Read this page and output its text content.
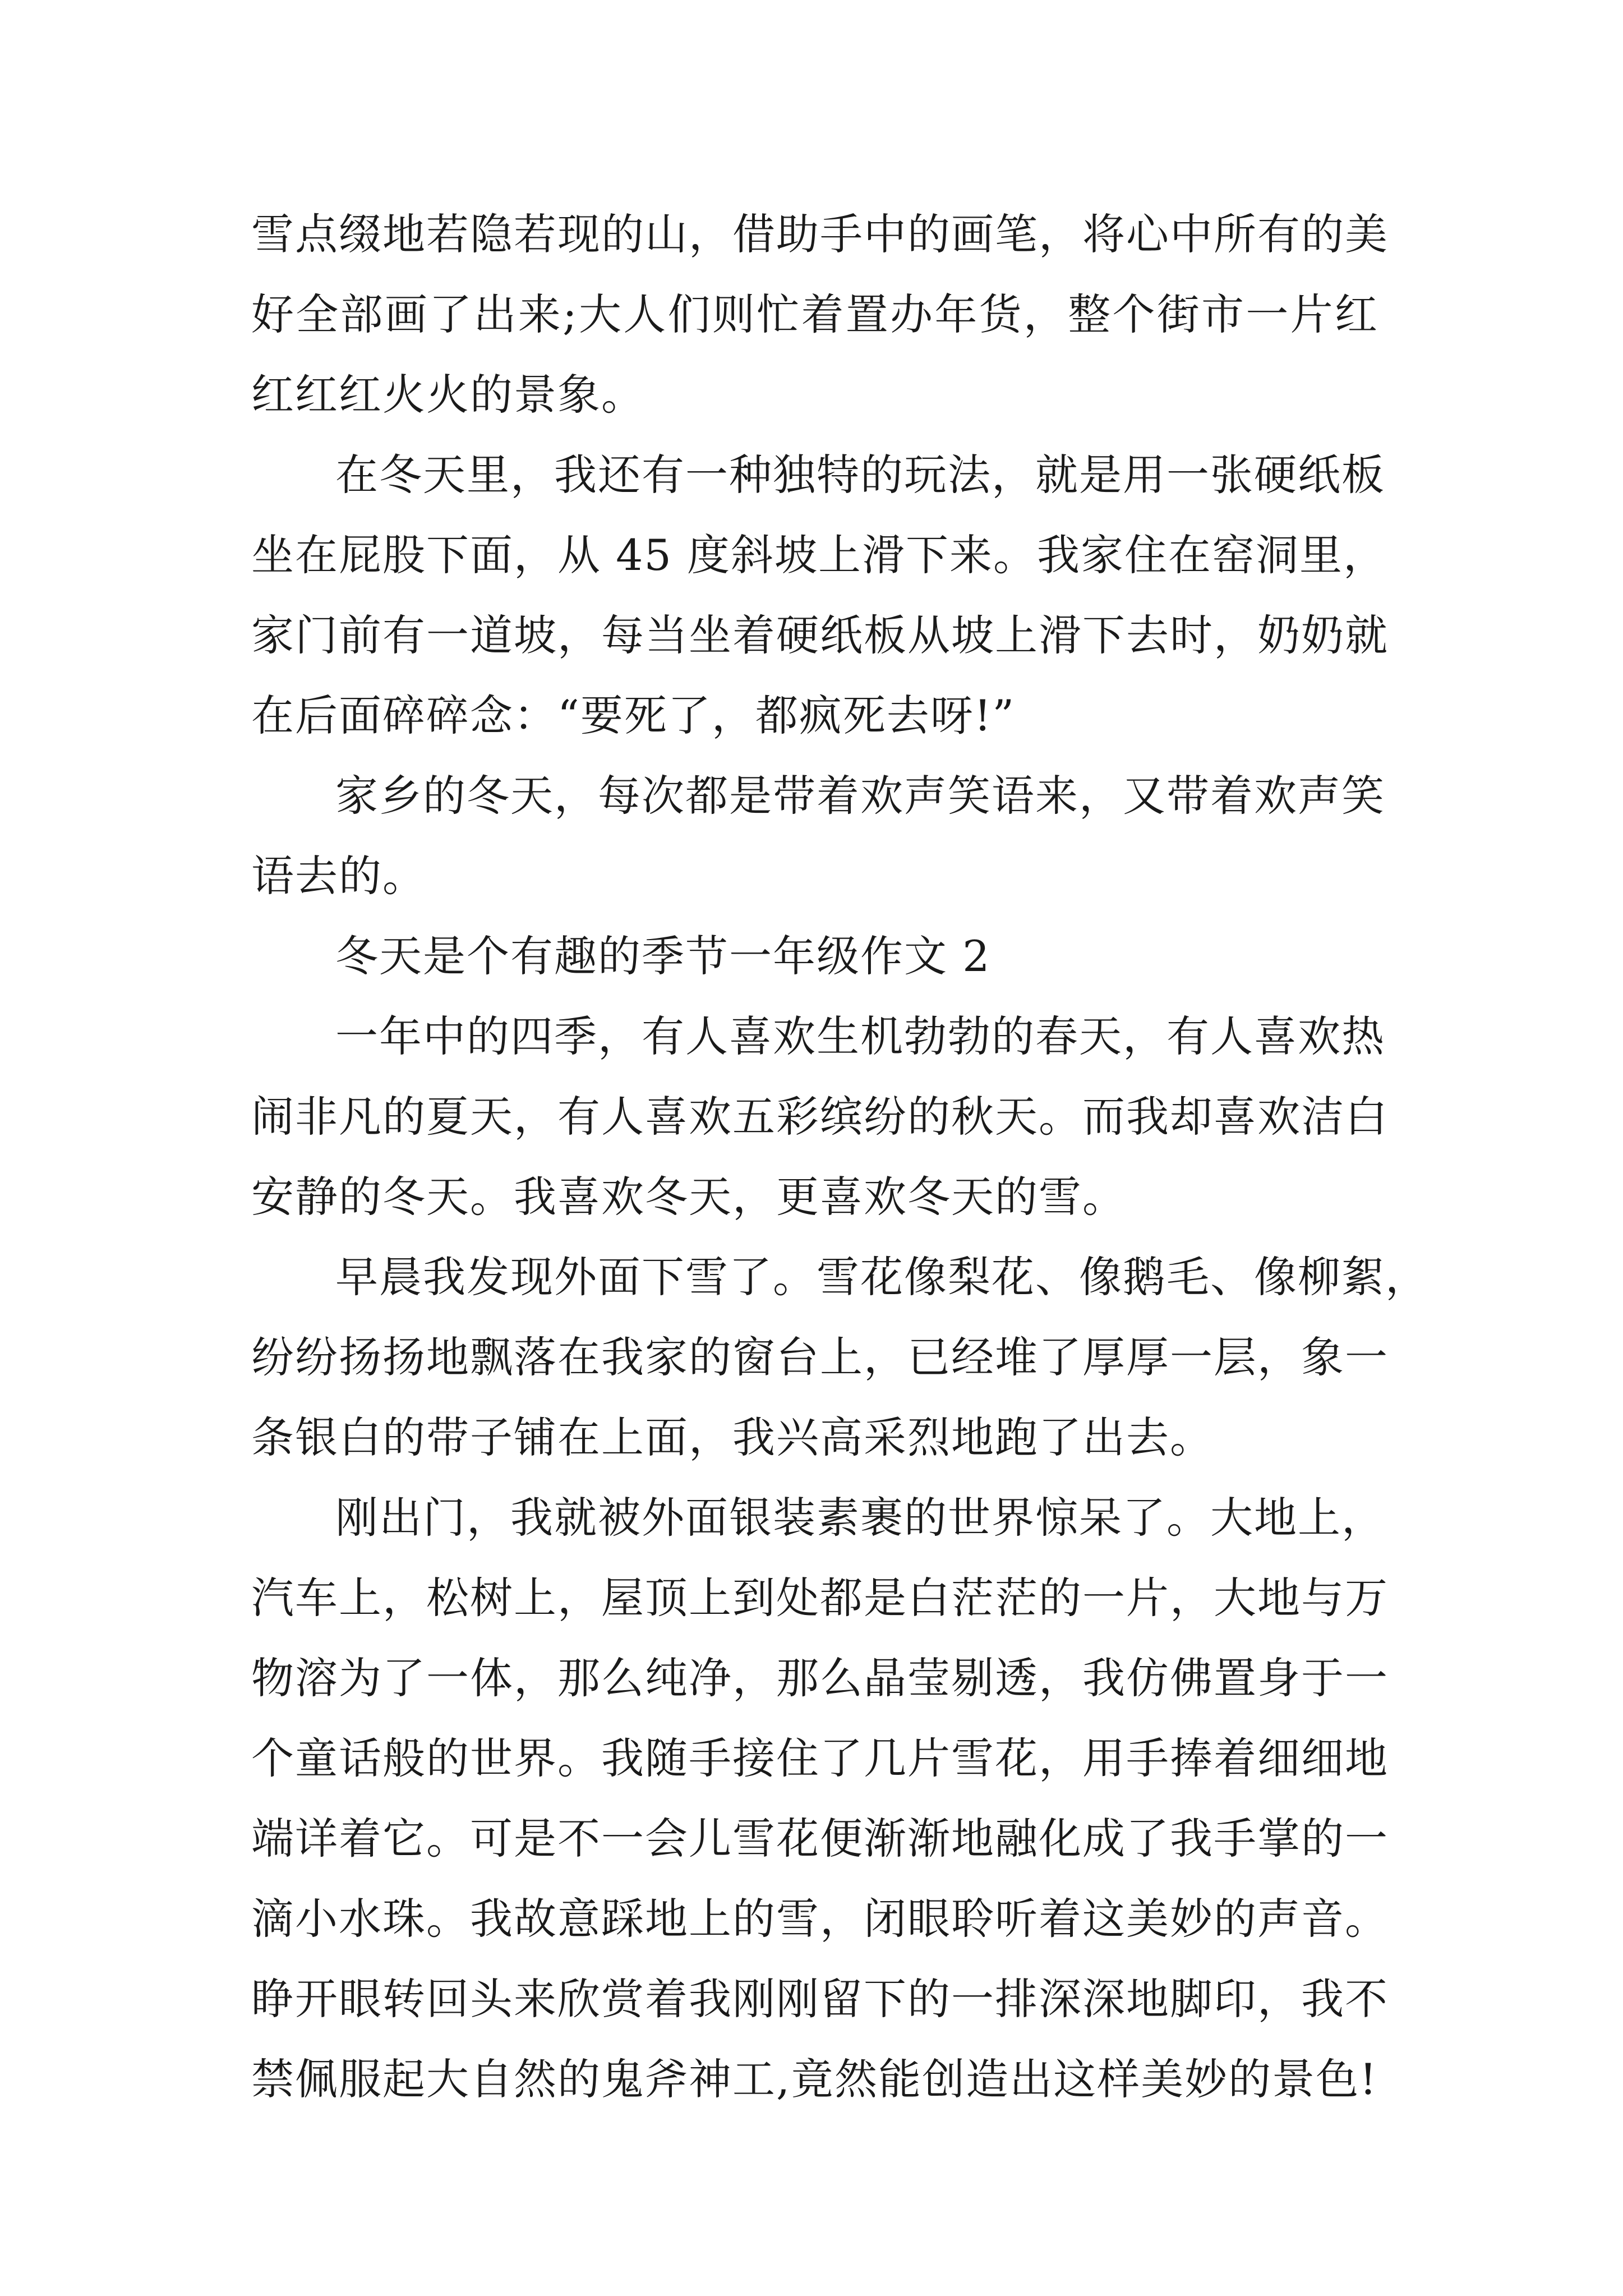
雪点缀地若隐若现的山，借助手中的画笔，将心中所有的美
好全部画了出来;大人们则忙着置办年货，整个街市一片红
红红红火火的景象。
在冬天里，我还有一种独特的玩法，就是用一张硬纸板
坐在屁股下面，从 45 度斜坡上滑下来。我家住在窑洞里，
家门前有一道坡，每当坐着硬纸板从坡上滑下去时，奶奶就
在后面碎碎念：“要死了，都疯死去呀!”
家乡的冬天，每次都是带着欢声笑语来，又带着欢声笑
语去的。
冬天是个有趣的季节一年级作文 2
一年中的四季，有人喜欢生机勃勃的春天，有人喜欢热
闹非凡的夏天，有人喜欢五彩缤纷的秋天。而我却喜欢洁白
安静的冬天。我喜欢冬天，更喜欢冬天的雪。
早晨我发现外面下雪了。雪花像梨花、像鹅毛、像柳絮，
纷纷扬扬地飘落在我家的窗台上，已经堆了厚厚一层，象一
条银白的带子铺在上面，我兴高采烈地跑了出去。
刚出门，我就被外面银装素裹的世界惊呆了。大地上，
汽车上，松树上，屋顶上到处都是白茫茫的一片，大地与万
物溶为了一体，那么纯净，那么晶莹剔透，我仿佛置身于一
个童话般的世界。我随手接住了几片雪花，用手捧着细细地
端详着它。可是不一会儿雪花便渐渐地融化成了我手掌的一
滴小水珠。我故意踩地上的雪，闭眼聆听着这美妙的声音。
睁开眼转回头来欣赏着我刚刚留下的一排深深地脚印，我不
禁佩服起大自然的鬼斧神工,竟然能创造出这样美妙的景色!
